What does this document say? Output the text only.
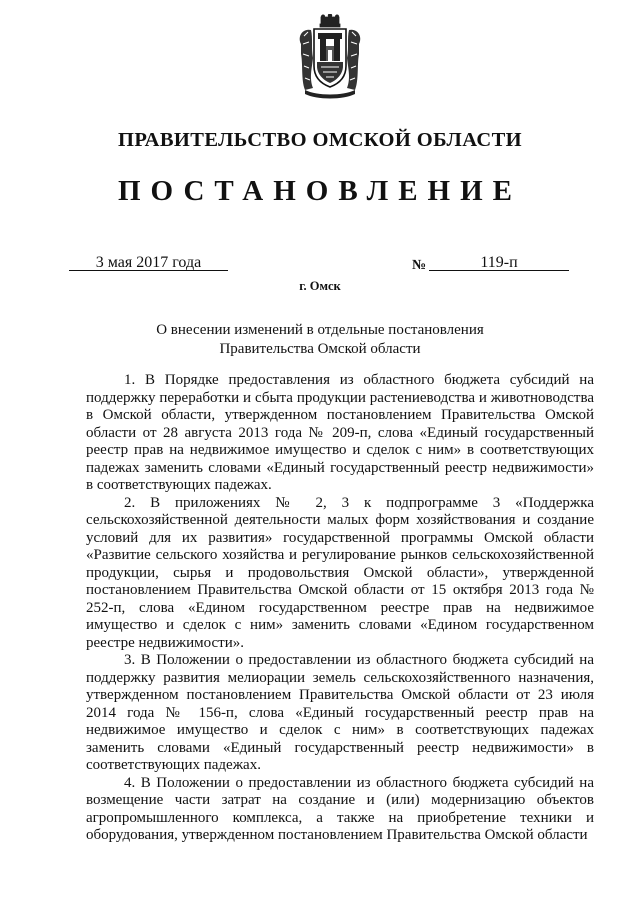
ПРАВИТЕЛЬСТВО ОМСКОЙ ОБЛАСТИ
ПОСТАНОВЛЕНИЕ
3 мая 2017 года	№	119-п
г. Омск
О внесении изменений в отдельные постановления
Правительства Омской области

1. В Порядке предоставления из областного бюджета субсидий на поддержку переработки и сбыта продукции растениеводства и животноводства в Омской области, утвержденном постановлением Правительства Омской области от 28 августа 2013 года № 209-п, слова «Единый государственный реестр прав на недвижимое имущество и сделок с ним» в соответствующих падежах заменить словами «Единый государственный реестр недвижимости» в соответствующих падежах.

2. В приложениях № 2, 3 к подпрограмме 3 «Поддержка сельскохозяйственной деятельности малых форм хозяйствования и создание условий для их развития» государственной программы Омской области «Развитие сельского хозяйства и регулирование рынков сельскохозяйственной продукции, сырья и продовольствия Омской области», утвержденной постановлением Правительства Омской области от 15 октября 2013 года № 252-п, слова «Едином государственном реестре прав на недвижимое имущество и сделок с ним» заменить словами «Едином государственном реестре недвижимости».

3. В Положении о предоставлении из областного бюджета субсидий на поддержку развития мелиорации земель сельскохозяйственного назначения, утвержденном постановлением Правительства Омской области от 23 июля 2014 года № 156-п, слова «Единый государственный реестр прав на недвижимое имущество и сделок с ним» в соответствующих падежах заменить словами «Единый государственный реестр недвижимости» в соответствующих падежах.

4. В Положении о предоставлении из областного бюджета субсидий на возмещение части затрат на создание и (или) модернизацию объектов агропромышленного комплекса, а также на приобретение техники и оборудования, утвержденном постановлением Правительства Омской области
